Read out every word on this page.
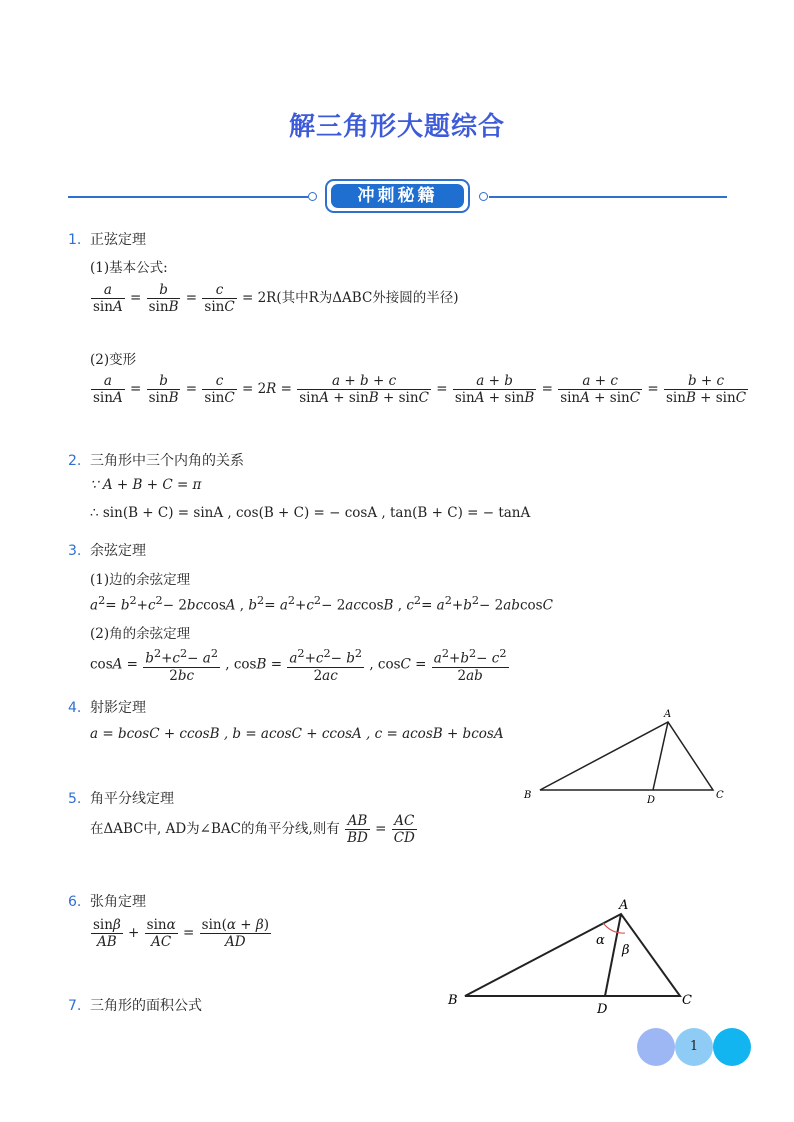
解三角形大题综合
冲刺秘籍
1. 正弦定理
(1)基本公式:
$\frac{a}{\sin A} = \frac{b}{\sin B} = \frac{c}{\sin C} = 2R$(其中R为ΔABC外接圆的半径)
(2)变形
$\frac{a}{\sin A} = \frac{b}{\sin B} = \frac{c}{\sin C} = 2R = \frac{a + b + c}{\sin A + \sin B + \sin C} = \frac{a + b}{\sin A + \sin B} = \frac{a + c}{\sin A + \sin C} = \frac{b + c}{\sin B + \sin C}$
2. 三角形中三个内角的关系
∵ A + B + C = π
∴ sin(B + C) = sinA , cos(B + C) = − cosA , tan(B + C) = − tanA
3. 余弦定理
(1)边的余弦定理
$a^2= b^2+c^2- 2bccosA$ , $b^2= a^2+c^2- 2accosB$ , $c^2= a^2+b^2- 2abcosC$
(2)角的余弦定理
$\cos A = \frac{b^2+c^2- a^2}{2bc}$ , $\cos B = \frac{a^2+c^2- b^2}{2ac}$ , $\cos C = \frac{a^2+b^2- c^2}{2ab}$
4. 射影定理
a = bcosC + ccosB , b = acosC + ccosA , c = acosB + bcosA
A
B	C
D
5. 角平分线定理
在ΔABC中, AD为∠BAC的角平分线,则有 $\frac{AB}{BD} = \frac{AC}{CD}$
6. 张角定理
$\frac{\sin\beta}{AB} + \frac{\sin\alpha}{AC} = \frac{\sin(\alpha + \beta)}{AD}$
A
B	C
D
α
β
7. 三角形的面积公式
1
